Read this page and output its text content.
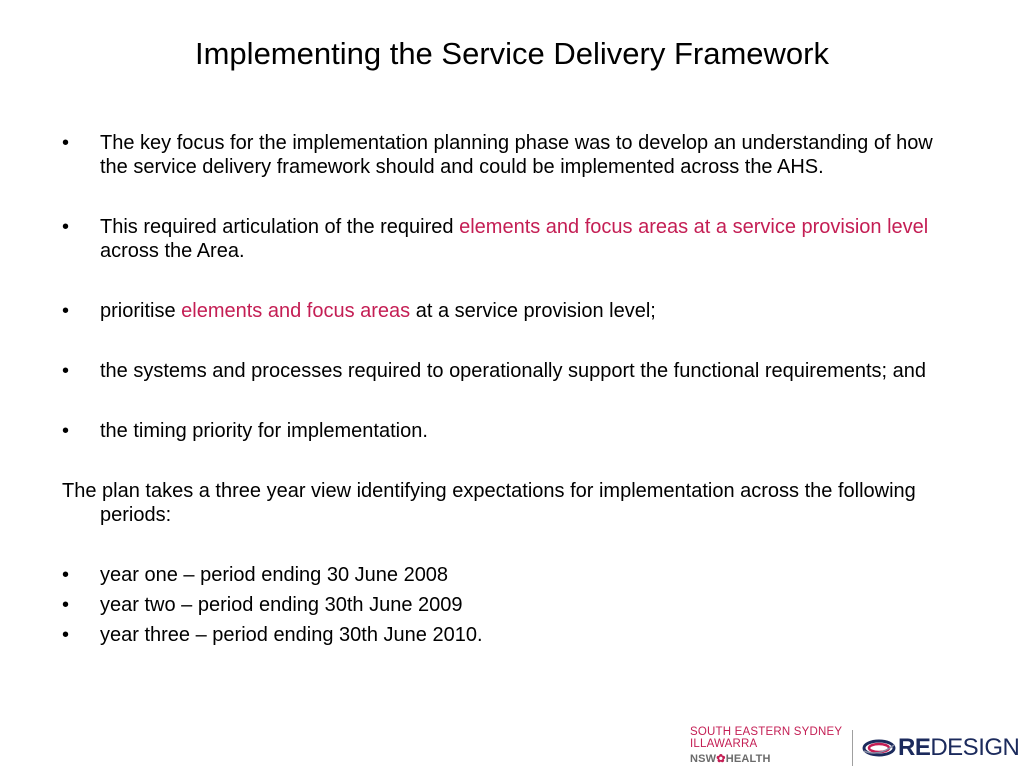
Implementing the Service Delivery Framework

•	The key focus for the implementation planning phase was to develop an understanding of how the service delivery framework should and could be implemented across the AHS.

•	This required articulation of the required elements and focus areas at a service provision level across the Area.

•	prioritise elements and focus areas at a service provision level;

•	the systems and processes required to operationally support the functional requirements; and

•	the timing priority for implementation.

The plan takes a three year view identifying expectations for implementation across the following periods:

•	year one – period ending 30 June 2008

•	year two – period ending 30th June 2009

•	year three – period ending 30th June 2010.

SOUTH EASTERN SYDNEY
ILLAWARRA
NSW✿HEALTH	REDESIGN
